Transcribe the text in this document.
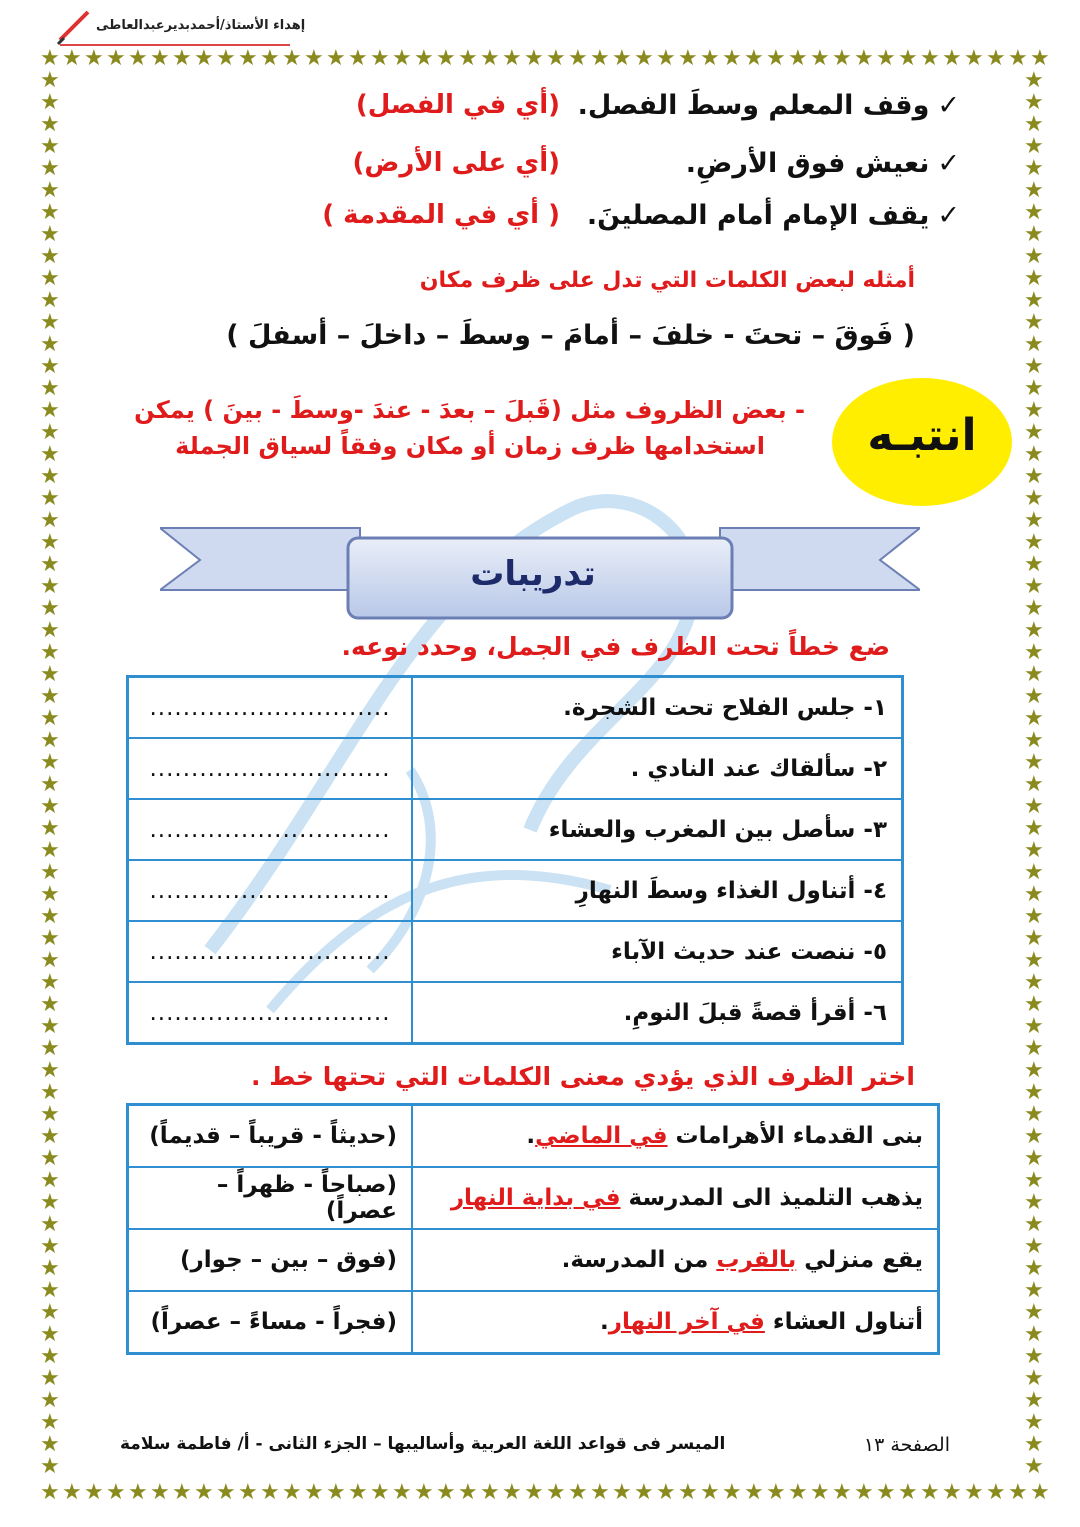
★
★
★
★
★
★
★
★
★
★
★
★
★
★
★
★
★
★
★
★
★
★
★
★
★
★
★
★
★
★
★
★
★
★
★
★
★
★
★
★
★
★
★
★
★
★
★
★
★
★
★
★
★
★
★
★
★
★
★
★
★
★
★
★
★
★
★
★
★
★
★
★
★
★
★
★
★
★
★
★
★
★
★
★
★
★
★
★
★
★
★
★
★	★
★	★
★	★
★	★
★	★
★	★
★	★
★	★
★	★
★	★
★	★
★	★
★	★
★	★
★	★
★	★
★	★
★	★
★	★
★	★
★	★
★	★
★	★
★	★
★	★
★	★
★	★
★	★
★	★
★	★
★	★
★	★
★	★
★	★
★	★
★	★
★	★
★	★
★	★
★	★
★	★
★	★
★	★
★	★
★	★
★	★
★	★
★	★
★	★
★	★
★	★
★	★
★	★
★	★
★	★
★	★
★	★
★	★
★	★
★	★
★	★
★	★
★	★
★	★
إهداء الأستاذ/أحمدبديرعبدالعاطى
✓وقف المعلم وسطَ الفصل.
(أي في الفصل)
✓نعيش فوق الأرضِ.
(أي على الأرض)
✓يقف الإمام أمام المصلينَ.
( أي في المقدمة )
أمثله لبعض الكلمات التي تدل على ظرف مكان
( فَوقَ – تحتَ - خلفَ – أمامَ – وسطَ – داخلَ – أسفلَ )
انتبـه
- بعض الظروف مثل (قَبلَ – بعدَ - عندَ -وسطَ - بينَ ) يمكن
استخدامها ظرف زمان أو مكان وفقاً لسياق الجملة
تدريبات
ضع خطاً تحت الظرف في الجمل، وحدد نوعه.
١- جلس الفلاح تحت الشجرة.	.............................
٢- سألقاك عند النادي .	.............................
٣- سأصل بين المغرب والعشاء	.............................
٤- أتناول الغذاء وسطَ النهارِ	.............................
٥- ننصت عند حديث الآباء	.............................
٦- أقرأ قصةً قبلَ النومِ.	.............................
اختر الظرف الذي يؤدي معنى الكلمات التي تحتها خط .
بنى القدماء الأهرامات في الماضي.	(حديثاً - قريباً – قديماً)
يذهب التلميذ الى المدرسة في بداية النهار	(صباحاً - ظهراً – عصراً)
يقع منزلي بالقرب من المدرسة.	(فوق – بين – جوار)
أتناول العشاء في آخر النهار.	(فجراً - مساءً – عصراً)
الصفحة ١٣
الميسر فى قواعد اللغة العربية وأساليبها – الجزء الثانى - أ/ فاطمة سلامة
